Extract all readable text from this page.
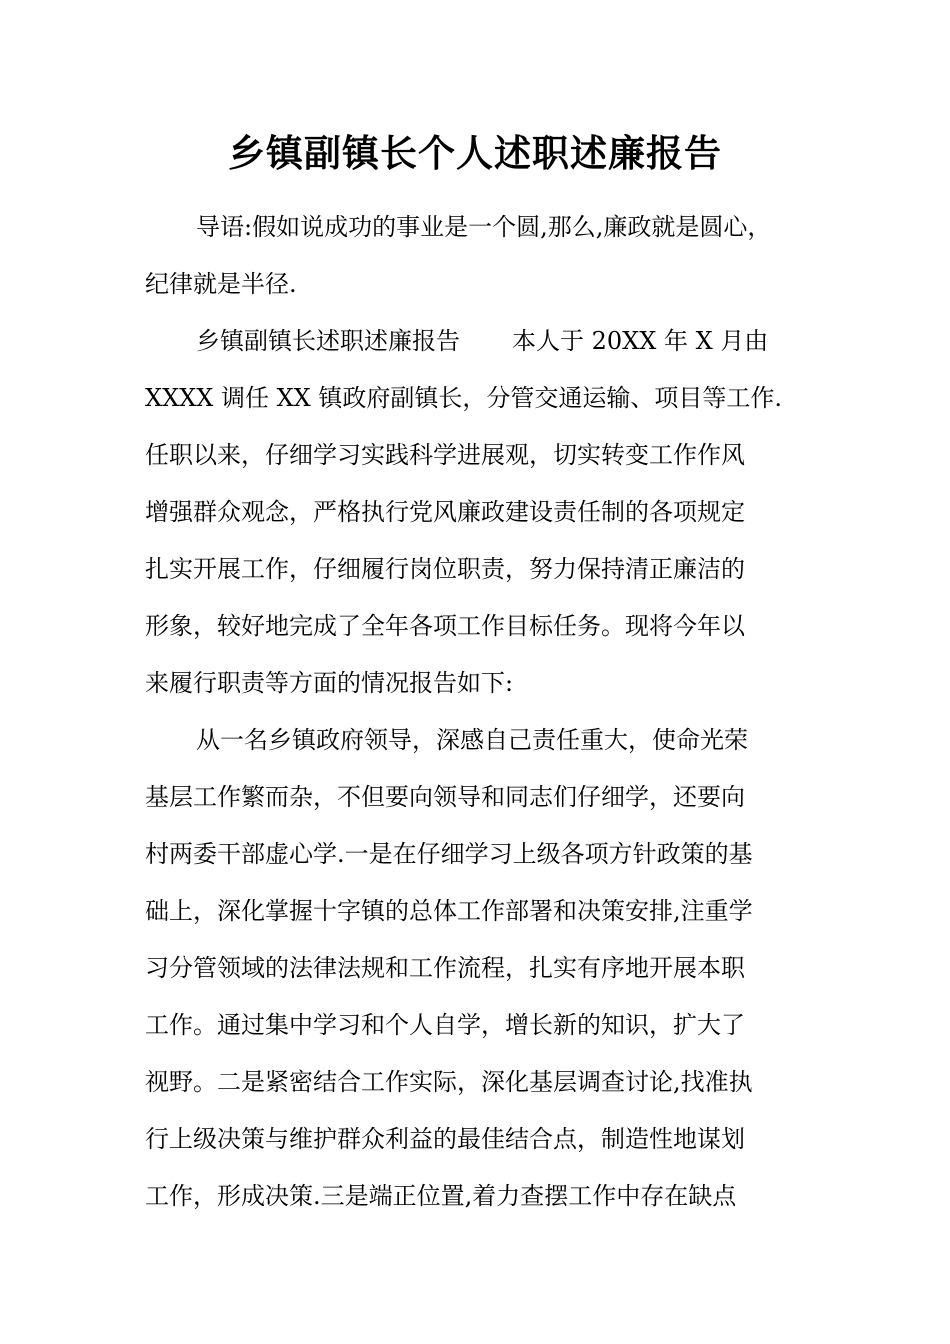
乡镇副镇长个人述职述廉报告
导语:假如说成功的事业是一个圆,那么,廉政就是圆心，
纪律就是半径.
乡镇副镇长述职述廉报告 本人于 20XX 年 X 月由
XXXX 调任 XX 镇政府副镇长，分管交通运输、项目等工作.
任职以来，仔细学习实践科学进展观，切实转变工作作风
增强群众观念，严格执行党风廉政建设责任制的各项规定
扎实开展工作，仔细履行岗位职责，努力保持清正廉洁的
形象，较好地完成了全年各项工作目标任务。现将今年以
来履行职责等方面的情况报告如下:
从一名乡镇政府领导，深感自己责任重大，使命光荣
基层工作繁而杂，不但要向领导和同志们仔细学，还要向
村两委干部虚心学.一是在仔细学习上级各项方针政策的基
础上，深化掌握十字镇的总体工作部署和决策安排,注重学
习分管领域的法律法规和工作流程，扎实有序地开展本职
工作。通过集中学习和个人自学，增长新的知识，扩大了
视野。二是紧密结合工作实际，深化基层调查讨论,找准执
行上级决策与维护群众利益的最佳结合点，制造性地谋划
工作，形成决策.三是端正位置,着力查摆工作中存在缺点
